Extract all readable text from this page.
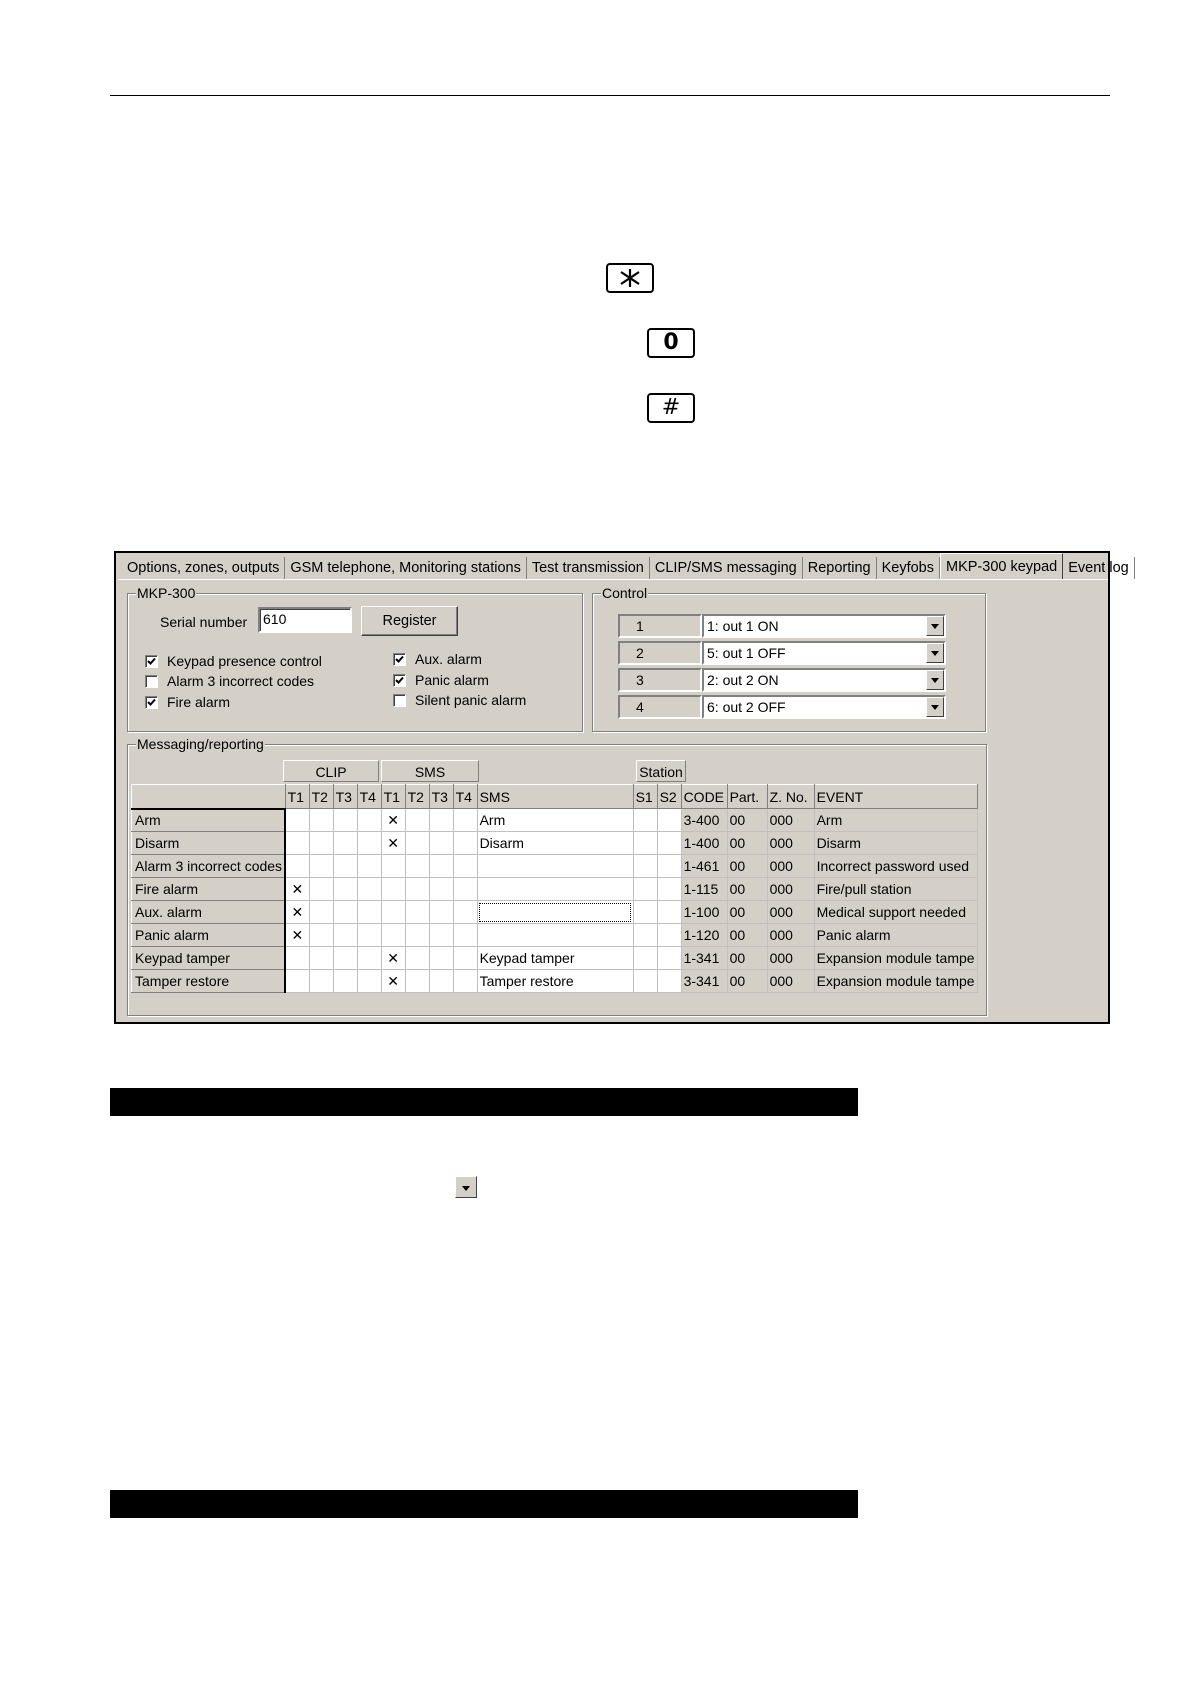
0
#
Options, zones, outputs GSM telephone, Monitoring stations Test transmission CLIP/SMS messaging Reporting Keyfobs MKP-300 keypad Event log
MKP-300
Serial number	610	Register
Keypad presence control
Alarm 3 incorrect codes
Fire alarm
Aux. alarm
Panic alarm
Silent panic alarm
Control
1	1: out 1 ON
2	5: out 1 OFF
3	2: out 2 ON
4	6: out 2 OFF
Messaging/reporting
CLIP	SMS	Station
	T1	T2	T3	T4	T1	T2	T3	T4	SMS	S1	S2	CODE	Part.	Z. No.	EVENT
Arm					✕				Arm			3-400	00	000	Arm
Disarm					✕				Disarm			1-400	00	000	Disarm
Alarm 3 incorrect codes												1-461	00	000	Incorrect password used
Fire alarm	✕											1-115	00	000	Fire/pull station
Aux. alarm	✕											1-100	00	000	Medical support needed
Panic alarm	✕											1-120	00	000	Panic alarm
Keypad tamper					✕				Keypad tamper			1-341	00	000	Expansion module tampe
Tamper restore					✕				Tamper restore			3-341	00	000	Expansion module tampe
